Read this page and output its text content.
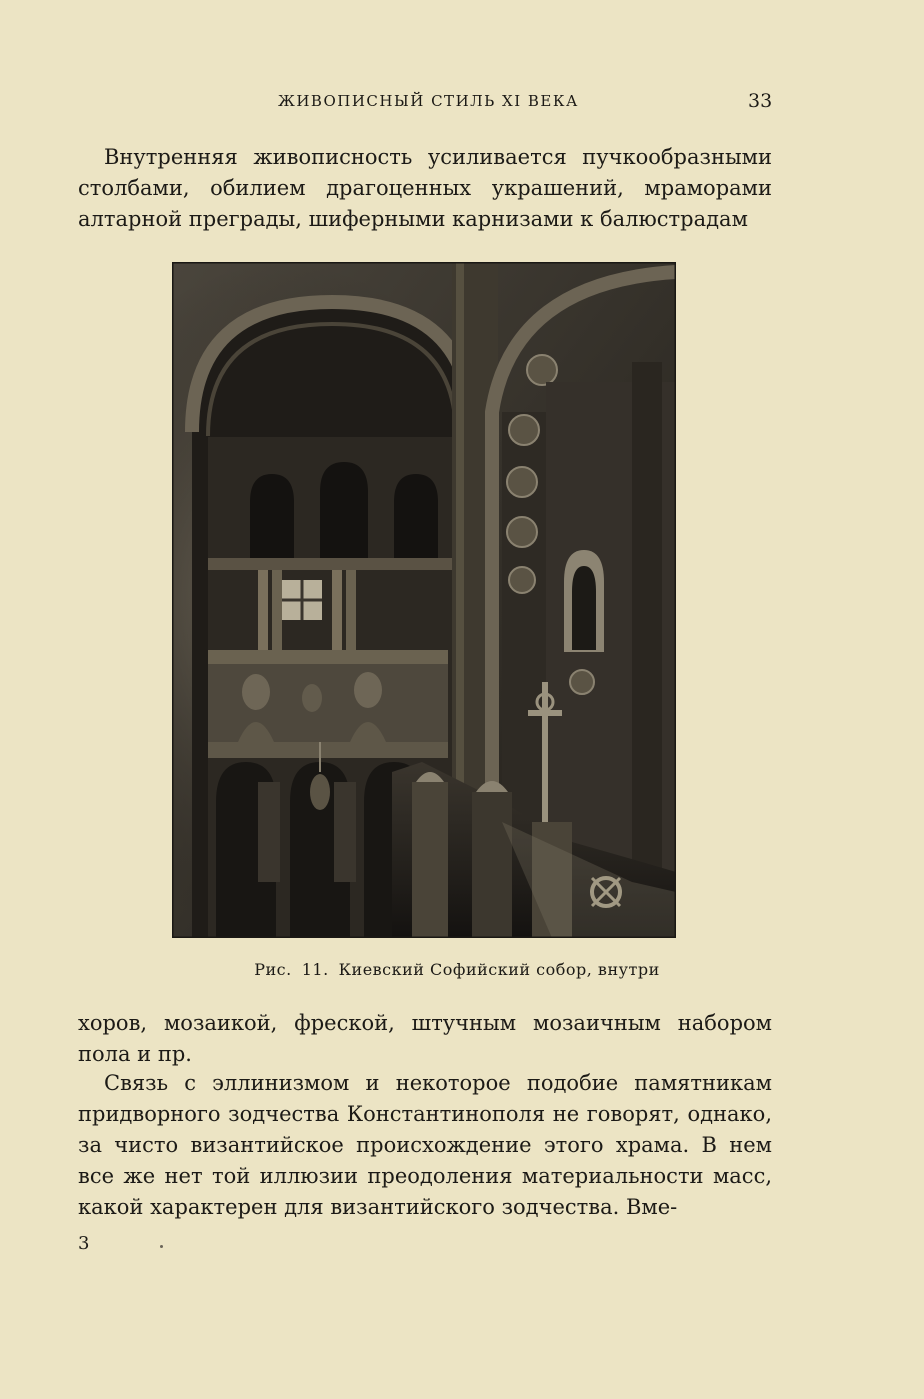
ЖИВОПИСНЫЙ СТИЛЬ XI ВЕКА	33

Внутренняя живописность усиливается пучкообразными столбами, обилием драгоценных украшений, мраморами алтарной преграды, шиферными карнизами к балюстрадам

Рис. 11. Киевский Софийский собор, внутри

хоров, мозаикой, фреской, штучным мозаичным набором пола и пр.

Связь с эллинизмом и некоторое подобие памятникам придворного зодчества Константинополя не говорят, однако, за чисто византийское происхождение этого храма. В нем все же нет той иллюзии преодоления материальности масс, какой характерен для византийского зодчества. Вме-

3
